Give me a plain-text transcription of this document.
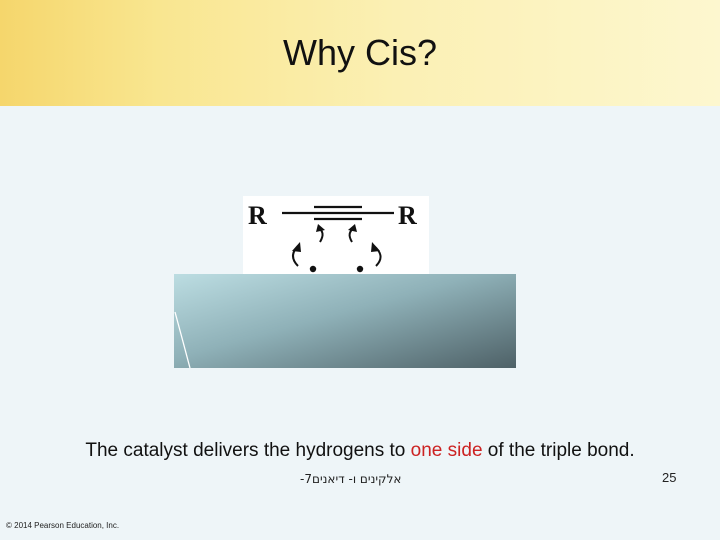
Why Cis?
R	R
The catalyst delivers the hydrogens to one side of the triple bond.
אלקינים ו- דיאנים7-	25
© 2014 Pearson Education, Inc.
